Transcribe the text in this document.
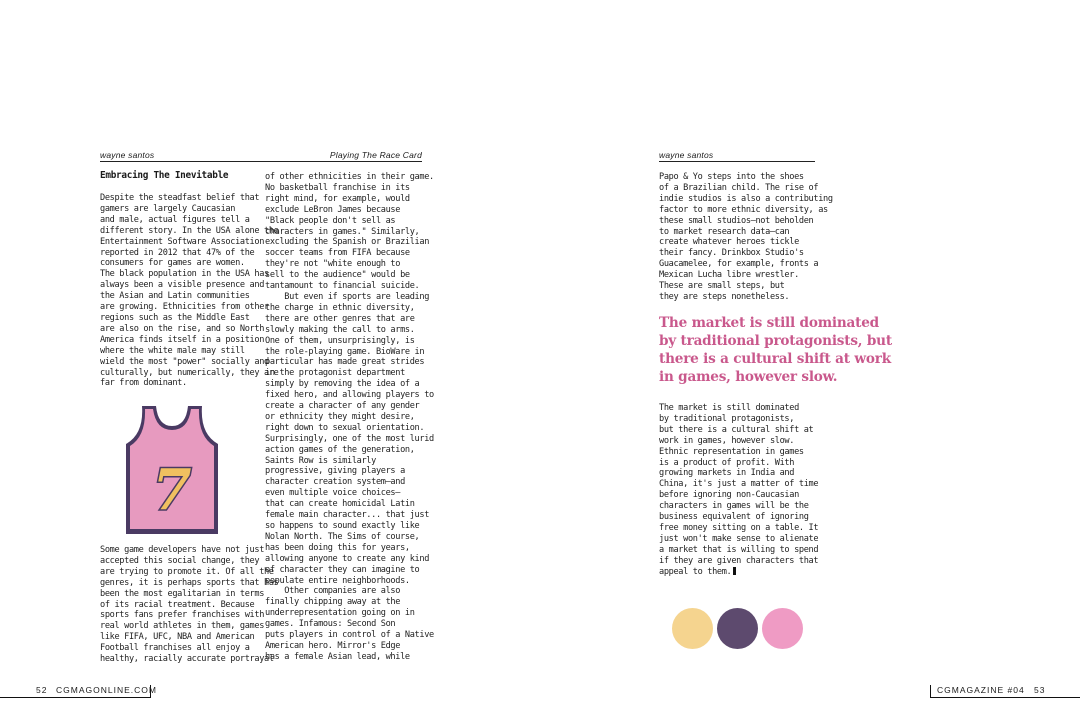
wayne santos	Playing The Race Card
Embracing The Inevitable
Despite the steadfast belief that
gamers are largely Caucasian
and male, actual figures tell a
different story. In the USA alone the
Entertainment Software Association
reported in 2012 that 47% of the
consumers for games are women.
The black population in the USA has
always been a visible presence and
the Asian and Latin communities
are growing. Ethnicities from other
regions such as the Middle East
are also on the rise, and so North
America finds itself in a position
where the white male may still
wield the most "power" socially and
culturally, but numerically, they are
far from dominant.
7
Some game developers have not just
accepted this social change, they
are trying to promote it. Of all the
genres, it is perhaps sports that has
been the most egalitarian in terms
of its racial treatment. Because
sports fans prefer franchises with
real world athletes in them, games
like FIFA, UFC, NBA and American
Football franchises all enjoy a
healthy, racially accurate portrayal
of other ethnicities in their game.
No basketball franchise in its
right mind, for example, would
exclude LeBron James because
"Black people don't sell as
characters in games." Similarly,
excluding the Spanish or Brazilian
soccer teams from FIFA because
they're not "white enough to
sell to the audience" would be
tantamount to financial suicide.
But even if sports are leading
the charge in ethnic diversity,
there are other genres that are
slowly making the call to arms.
One of them, unsurprisingly, is
the role-playing game. BioWare in
particular has made great strides
in the protagonist department
simply by removing the idea of a
fixed hero, and allowing players to
create a character of any gender
or ethnicity they might desire,
right down to sexual orientation.
Surprisingly, one of the most lurid
action games of the generation,
Saints Row is similarly
progressive, giving players a
character creation system—and
even multiple voice choices—
that can create homicidal Latin
female main character... that just
so happens to sound exactly like
Nolan North. The Sims of course,
has been doing this for years,
allowing anyone to create any kind
of character they can imagine to
populate entire neighborhoods.
Other companies are also
finally chipping away at the
underrepresentation going on in
games. Infamous: Second Son
puts players in control of a Native
American hero. Mirror's Edge
has a female Asian lead, while
52 CGMAGONLINE.COM
wayne santos
Papo & Yo steps into the shoes
of a Brazilian child. The rise of
indie studios is also a contributing
factor to more ethnic diversity, as
these small studios—not beholden
to market research data—can
create whatever heroes tickle
their fancy. Drinkbox Studio's
Guacamelee, for example, fronts a
Mexican Lucha libre wrestler.
These are small steps, but
they are steps nonetheless.
The market is still dominated
by traditional protagonists, but
there is a cultural shift at work
in games, however slow.
The market is still dominated
by traditional protagonists,
but there is a cultural shift at
work in games, however slow.
Ethnic representation in games
is a product of profit. With
growing markets in India and
China, it's just a matter of time
before ignoring non-Caucasian
characters in games will be the
business equivalent of ignoring
free money sitting on a table. It
just won't make sense to alienate
a market that is willing to spend
if they are given characters that
appeal to them.
CGMAGAZINE #04 53
